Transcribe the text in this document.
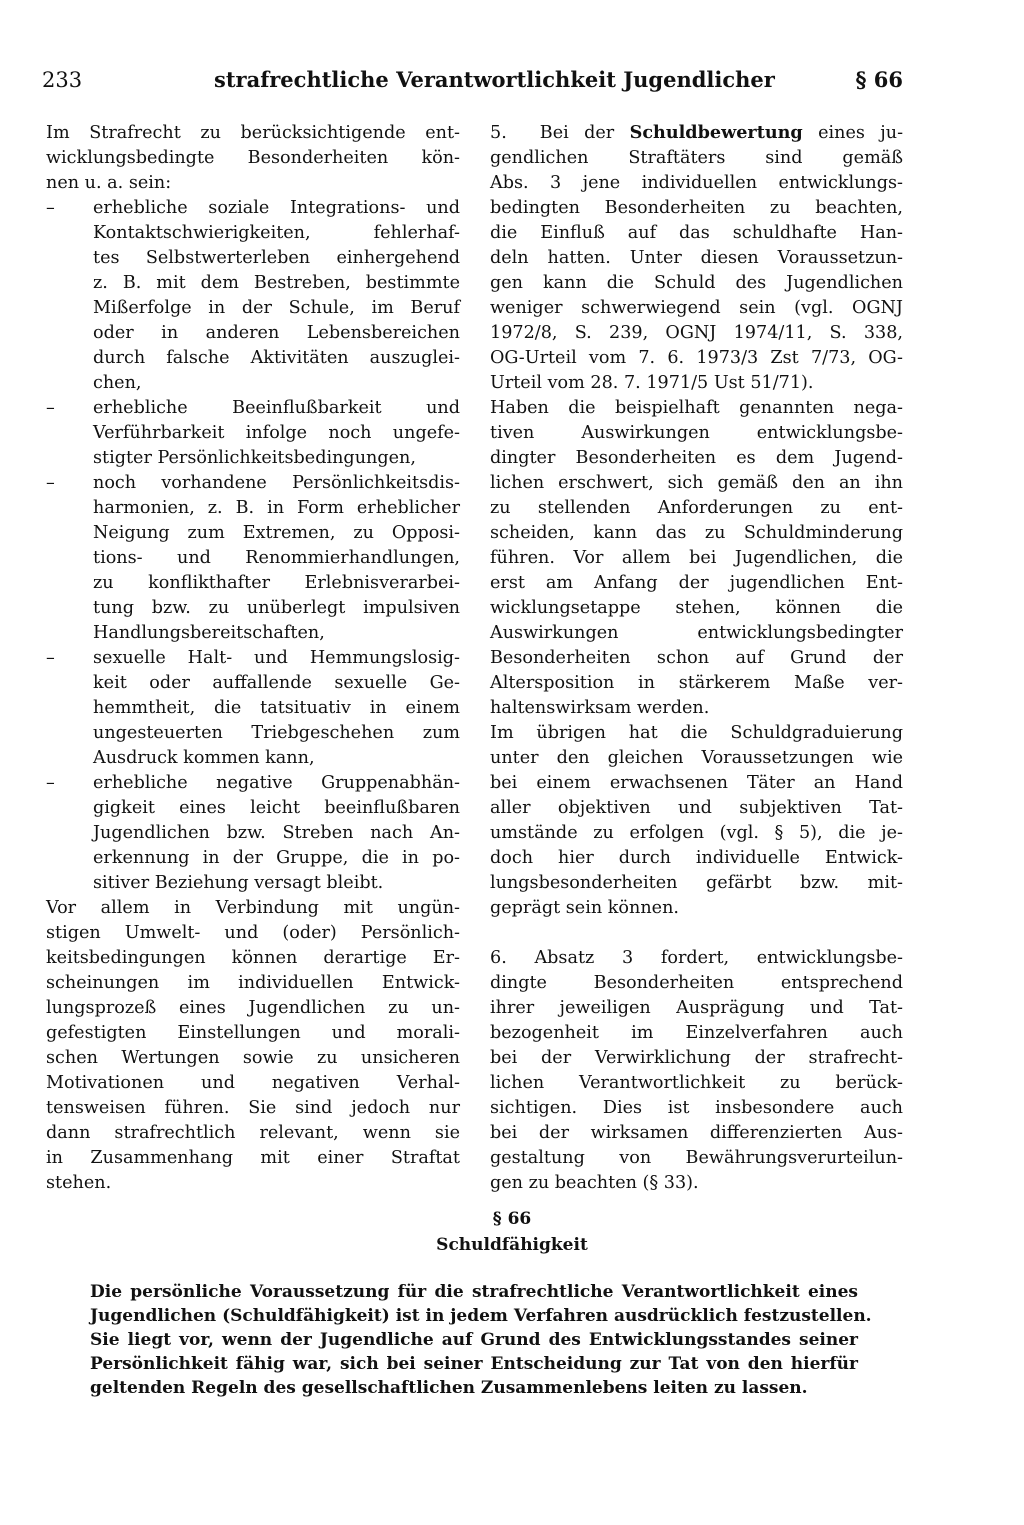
233	strafrechtliche Verantwortlichkeit Jugendlicher	§ 66
Im Strafrecht zu berücksichtigende ent-
wicklungsbedingte Besonderheiten kön-
nen u. a. sein:
– erhebliche soziale Integrations- und
Kontaktschwierigkeiten, fehlerhaf-
tes Selbstwerterleben einhergehend
z. B. mit dem Bestreben, bestimmte
Mißerfolge in der Schule, im Beruf
oder in anderen Lebensbereichen
durch falsche Aktivitäten auszuglei-
chen,
– erhebliche Beeinflußbarkeit und
Verführbarkeit infolge noch ungefe-
stigter Persönlichkeitsbedingungen,
– noch vorhandene Persönlichkeitsdis-
harmonien, z. B. in Form erheblicher
Neigung zum Extremen, zu Opposi-
tions- und Renommierhandlungen,
zu konflikthafter Erlebnisverarbei-
tung bzw. zu unüberlegt impulsiven
Handlungsbereitschaften,
– sexuelle Halt- und Hemmungslosig-
keit oder auffallende sexuelle Ge-
hemmtheit, die tatsituativ in einem
ungesteuerten Triebgeschehen zum
Ausdruck kommen kann,
– erhebliche negative Gruppenabhän-
gigkeit eines leicht beeinflußbaren
Jugendlichen bzw. Streben nach An-
erkennung in der Gruppe, die in po-
sitiver Beziehung versagt bleibt.
Vor allem in Verbindung mit ungün-
stigen Umwelt- und (oder) Persönlich-
keitsbedingungen können derartige Er-
scheinungen im individuellen Entwick-
lungsprozeß eines Jugendlichen zu un-
gefestigten Einstellungen und morali-
schen Wertungen sowie zu unsicheren
Motivationen und negativen Verhal-
tensweisen führen. Sie sind jedoch nur
dann strafrechtlich relevant, wenn sie
in Zusammenhang mit einer Straftat
stehen.
5.  Bei der Schuldbewertung eines ju-
gendlichen Straftäters sind gemäß
Abs. 3 jene individuellen entwicklungs-
bedingten Besonderheiten zu beachten,
die Einfluß auf das schuldhafte Han-
deln hatten. Unter diesen Voraussetzun-
gen kann die Schuld des Jugendlichen
weniger schwerwiegend sein (vgl. OGNJ
1972/8, S. 239, OGNJ 1974/11, S. 338,
OG-Urteil vom 7. 6. 1973/3 Zst 7/73, OG-
Urteil vom 28. 7. 1971/5 Ust 51/71).
Haben die beispielhaft genannten nega-
tiven Auswirkungen entwicklungsbe-
dingter Besonderheiten es dem Jugend-
lichen erschwert, sich gemäß den an ihn
zu stellenden Anforderungen zu ent-
scheiden, kann das zu Schuldminderung
führen. Vor allem bei Jugendlichen, die
erst am Anfang der jugendlichen Ent-
wicklungsetappe stehen, können die
Auswirkungen entwicklungsbedingter
Besonderheiten schon auf Grund der
Altersposition in stärkerem Maße ver-
haltenswirksam werden.
Im übrigen hat die Schuldgraduierung
unter den gleichen Voraussetzungen wie
bei einem erwachsenen Täter an Hand
aller objektiven und subjektiven Tat-
umstände zu erfolgen (vgl. § 5), die je-
doch hier durch individuelle Entwick-
lungsbesonderheiten gefärbt bzw. mit-
geprägt sein können.
6. Absatz 3 fordert, entwicklungsbe-
dingte Besonderheiten entsprechend
ihrer jeweiligen Ausprägung und Tat-
bezogenheit im Einzelverfahren auch
bei der Verwirklichung der strafrecht-
lichen Verantwortlichkeit zu berück-
sichtigen. Dies ist insbesondere auch
bei der wirksamen differenzierten Aus-
gestaltung von Bewährungsverurteilun-
gen zu beachten (§ 33).
§ 66
Schuldfähigkeit
Die persönliche Voraussetzung für die strafrechtliche Verantwortlichkeit eines
Jugendlichen (Schuldfähigkeit) ist in jedem Verfahren ausdrücklich festzustellen.
Sie liegt vor, wenn der Jugendliche auf Grund des Entwicklungsstandes seiner
Persönlichkeit fähig war, sich bei seiner Entscheidung zur Tat von den hierfür
geltenden Regeln des gesellschaftlichen Zusammenlebens leiten zu lassen.
